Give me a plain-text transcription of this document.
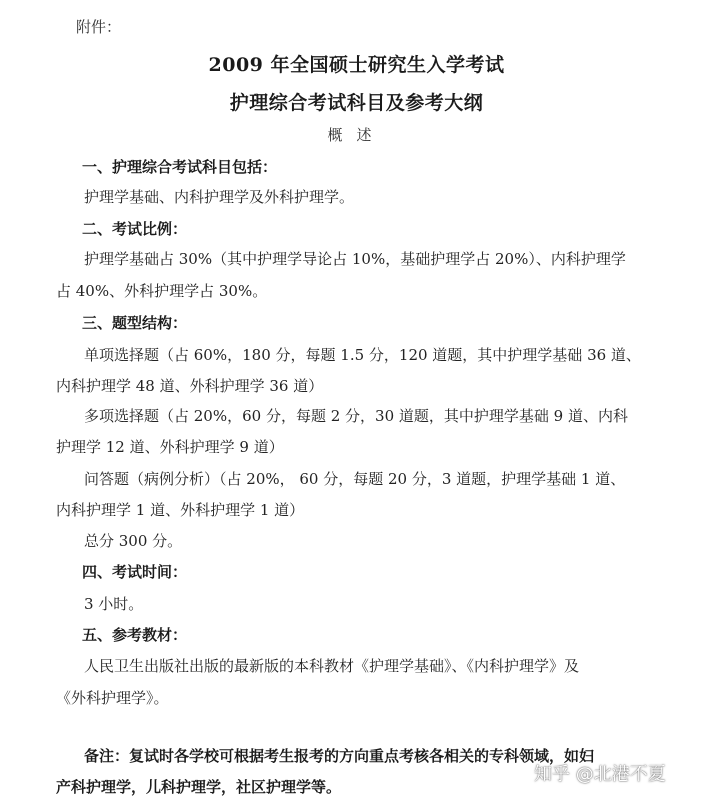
附件：
2009 年全国硕士研究生入学考试
护理综合考试科目及参考大纲
概述
一、护理综合考试科目包括：
护理学基础、内科护理学及外科护理学。
二、考试比例：
护理学基础占 30%（其中护理学导论占 10%，基础护理学占 20%）、内科护理学
占 40%、外科护理学占 30%。
三、题型结构：
单项选择题（占 60%，180 分，每题 1.5 分，120 道题，其中护理学基础 36 道、
内科护理学 48 道、外科护理学 36 道）
多项选择题（占 20%，60 分，每题 2 分，30 道题，其中护理学基础 9 道、内科
护理学 12 道、外科护理学 9 道）
问答题（病例分析）（占 20%， 60 分，每题 20 分，3 道题，护理学基础 1 道、
内科护理学 1 道、外科护理学 1 道）
总分 300 分。
四、考试时间：
3 小时。
五、参考教材：
人民卫生出版社出版的最新版的本科教材《护理学基础》、《内科护理学》及
《外科护理学》。
备注：复试时各学校可根据考生报考的方向重点考核各相关的专科领域，如妇
产科护理学，儿科护理学，社区护理学等。
知乎 @北港不夏
